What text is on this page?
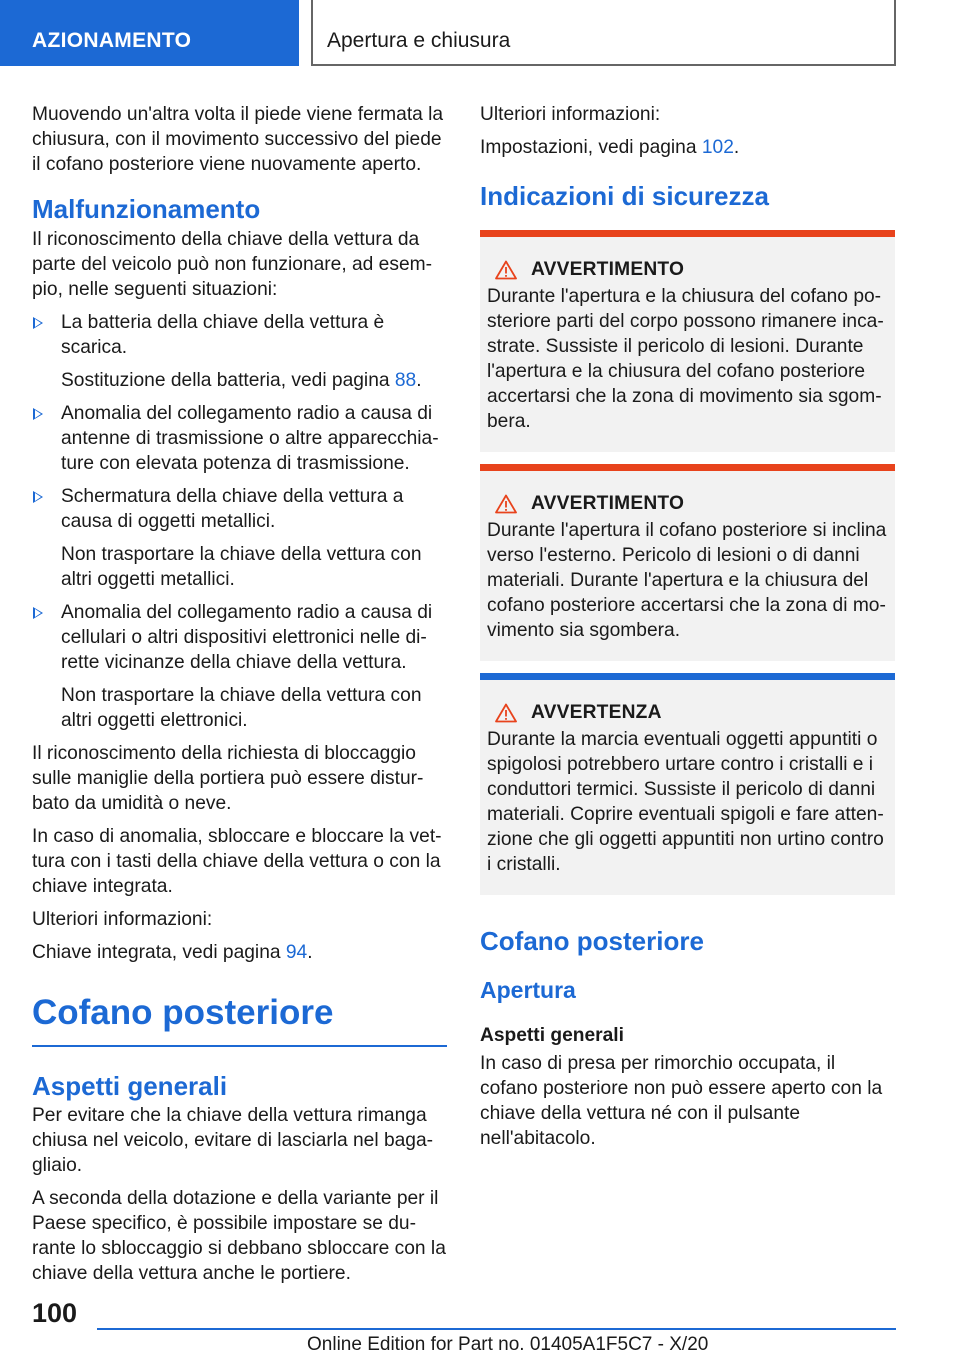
AZIONAMENTO	Apertura e chiusura

Muovendo un'altra volta il piede viene fermata la chiusura, con il movimento successivo del piede il cofano posteriore viene nuovamente aperto.

Malfunzionamento

Il riconoscimento della chiave della vettura da parte del veicolo può non funzionare, ad esempio, nelle seguenti situazioni:

La batteria della chiave della vettura è scarica.

Sostituzione della batteria, vedi pagina 88.

Anomalia del collegamento radio a causa di antenne di trasmissione o altre apparecchiature con elevata potenza di trasmissione.

Schermatura della chiave della vettura a causa di oggetti metallici.

Non trasportare la chiave della vettura con altri oggetti metallici.

Anomalia del collegamento radio a causa di cellulari o altri dispositivi elettronici nelle dirette vicinanze della chiave della vettura.

Non trasportare la chiave della vettura con altri oggetti elettronici.

Il riconoscimento della richiesta di bloccaggio sulle maniglie della portiera può essere disturbato da umidità o neve.

In caso di anomalia, sbloccare e bloccare la vettura con i tasti della chiave della vettura o con la chiave integrata.

Ulteriori informazioni:

Chiave integrata, vedi pagina 94.

Cofano posteriore
Aspetti generali

Per evitare che la chiave della vettura rimanga chiusa nel veicolo, evitare di lasciarla nel bagagliaio.

A seconda della dotazione e della variante per il Paese specifico, è possibile impostare se durante lo sbloccaggio si debbano sbloccare con la chiave della vettura anche le portiere.

Ulteriori informazioni:

Impostazioni, vedi pagina 102.

Indicazioni di sicurezza
AVVERTIMENTO

Durante l'apertura e la chiusura del cofano posteriore parti del corpo possono rimanere incastrate. Sussiste il pericolo di lesioni. Durante l'apertura e la chiusura del cofano posteriore accertarsi che la zona di movimento sia sgombera.

AVVERTIMENTO

Durante l'apertura il cofano posteriore si inclina verso l'esterno. Pericolo di lesioni o di danni materiali. Durante l'apertura e la chiusura del cofano posteriore accertarsi che la zona di movimento sia sgombera.

AVVERTENZA

Durante la marcia eventuali oggetti appuntiti o spigolosi potrebbero urtare contro i cristalli e i conduttori termici. Sussiste il pericolo di danni materiali. Coprire eventuali spigoli e fare attenzione che gli oggetti appuntiti non urtino contro i cristalli.

Cofano posteriore
Apertura
Aspetti generali

In caso di presa per rimorchio occupata, il cofano posteriore non può essere aperto con la chiave della vettura né con il pulsante nell'abitacolo.

100
Online Edition for Part no. 01405A1F5C7 - X/20
